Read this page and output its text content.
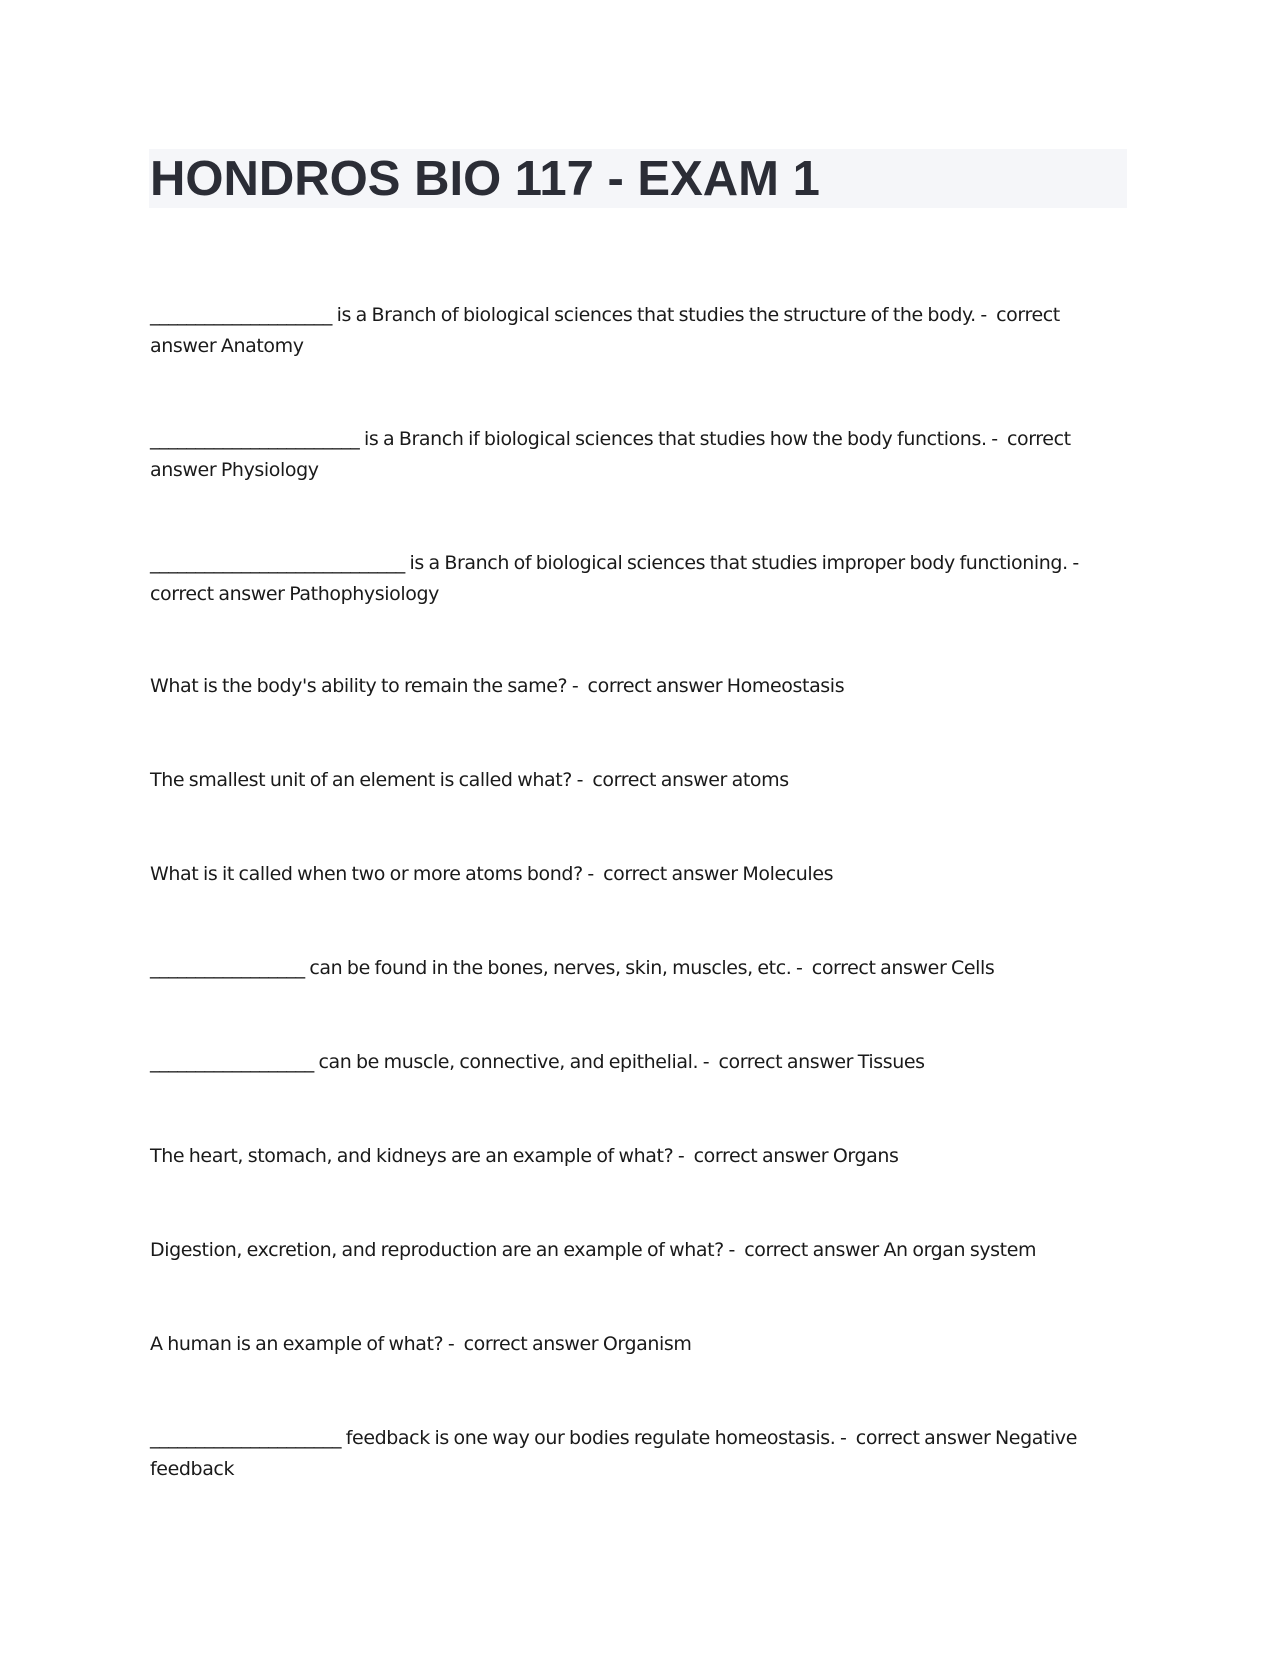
HONDROS BIO 117 - EXAM 1

____________________ is a Branch of biological sciences that studies the structure of the body. -  correct answer Anatomy

_______________________ is a Branch if biological sciences that studies how the body functions. -  correct answer Physiology

____________________________ is a Branch of biological sciences that studies improper body functioning. -  correct answer Pathophysiology

What is the body's ability to remain the same? -  correct answer Homeostasis

The smallest unit of an element is called what? -  correct answer atoms

What is it called when two or more atoms bond? -  correct answer Molecules

_________________ can be found in the bones, nerves, skin, muscles, etc. -  correct answer Cells

__________________ can be muscle, connective, and epithelial. -  correct answer Tissues

The heart, stomach, and kidneys are an example of what? -  correct answer Organs

Digestion, excretion, and reproduction are an example of what? -  correct answer An organ system

A human is an example of what? -  correct answer Organism

_____________________ feedback is one way our bodies regulate homeostasis. -  correct answer Negative feedback
